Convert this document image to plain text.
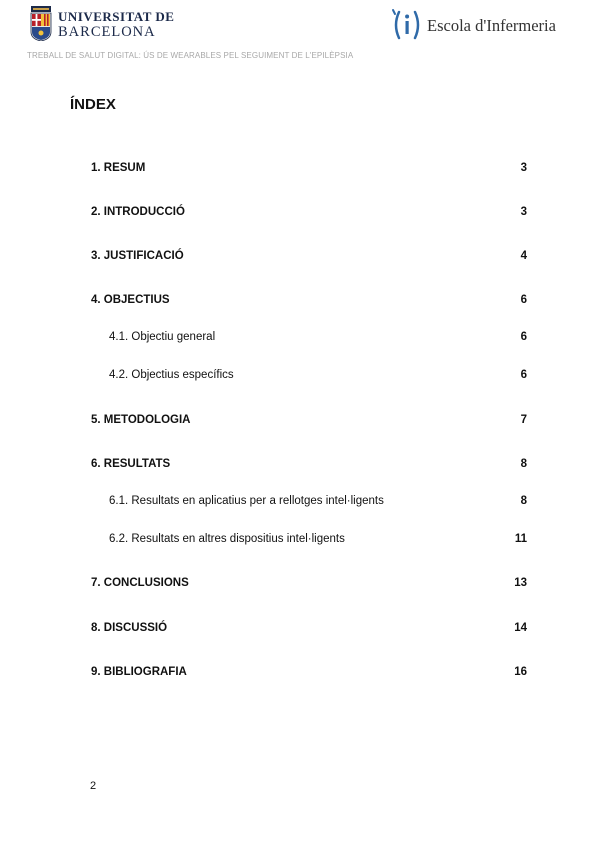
UNIVERSITAT DE
BARCELONA	Escola d'Infermeria
TREBALL DE SALUT DIGITAL: ÚS DE WEARABLES PEL SEGUIMENT DE L'EPILÈPSIA
ÍNDEX
1. RESUM	3
2. INTRODUCCIÓ	3
3. JUSTIFICACIÓ	4
4. OBJECTIUS	6
4.1. Objectiu general	6
4.2. Objectius específics	6
5. METODOLOGIA	7
6. RESULTATS	8
6.1. Resultats en aplicatius per a rellotges intel·ligents	8
6.2. Resultats en altres dispositius intel·ligents	11
7. CONCLUSIONS	13
8. DISCUSSIÓ	14
9. BIBLIOGRAFIA	16
2
